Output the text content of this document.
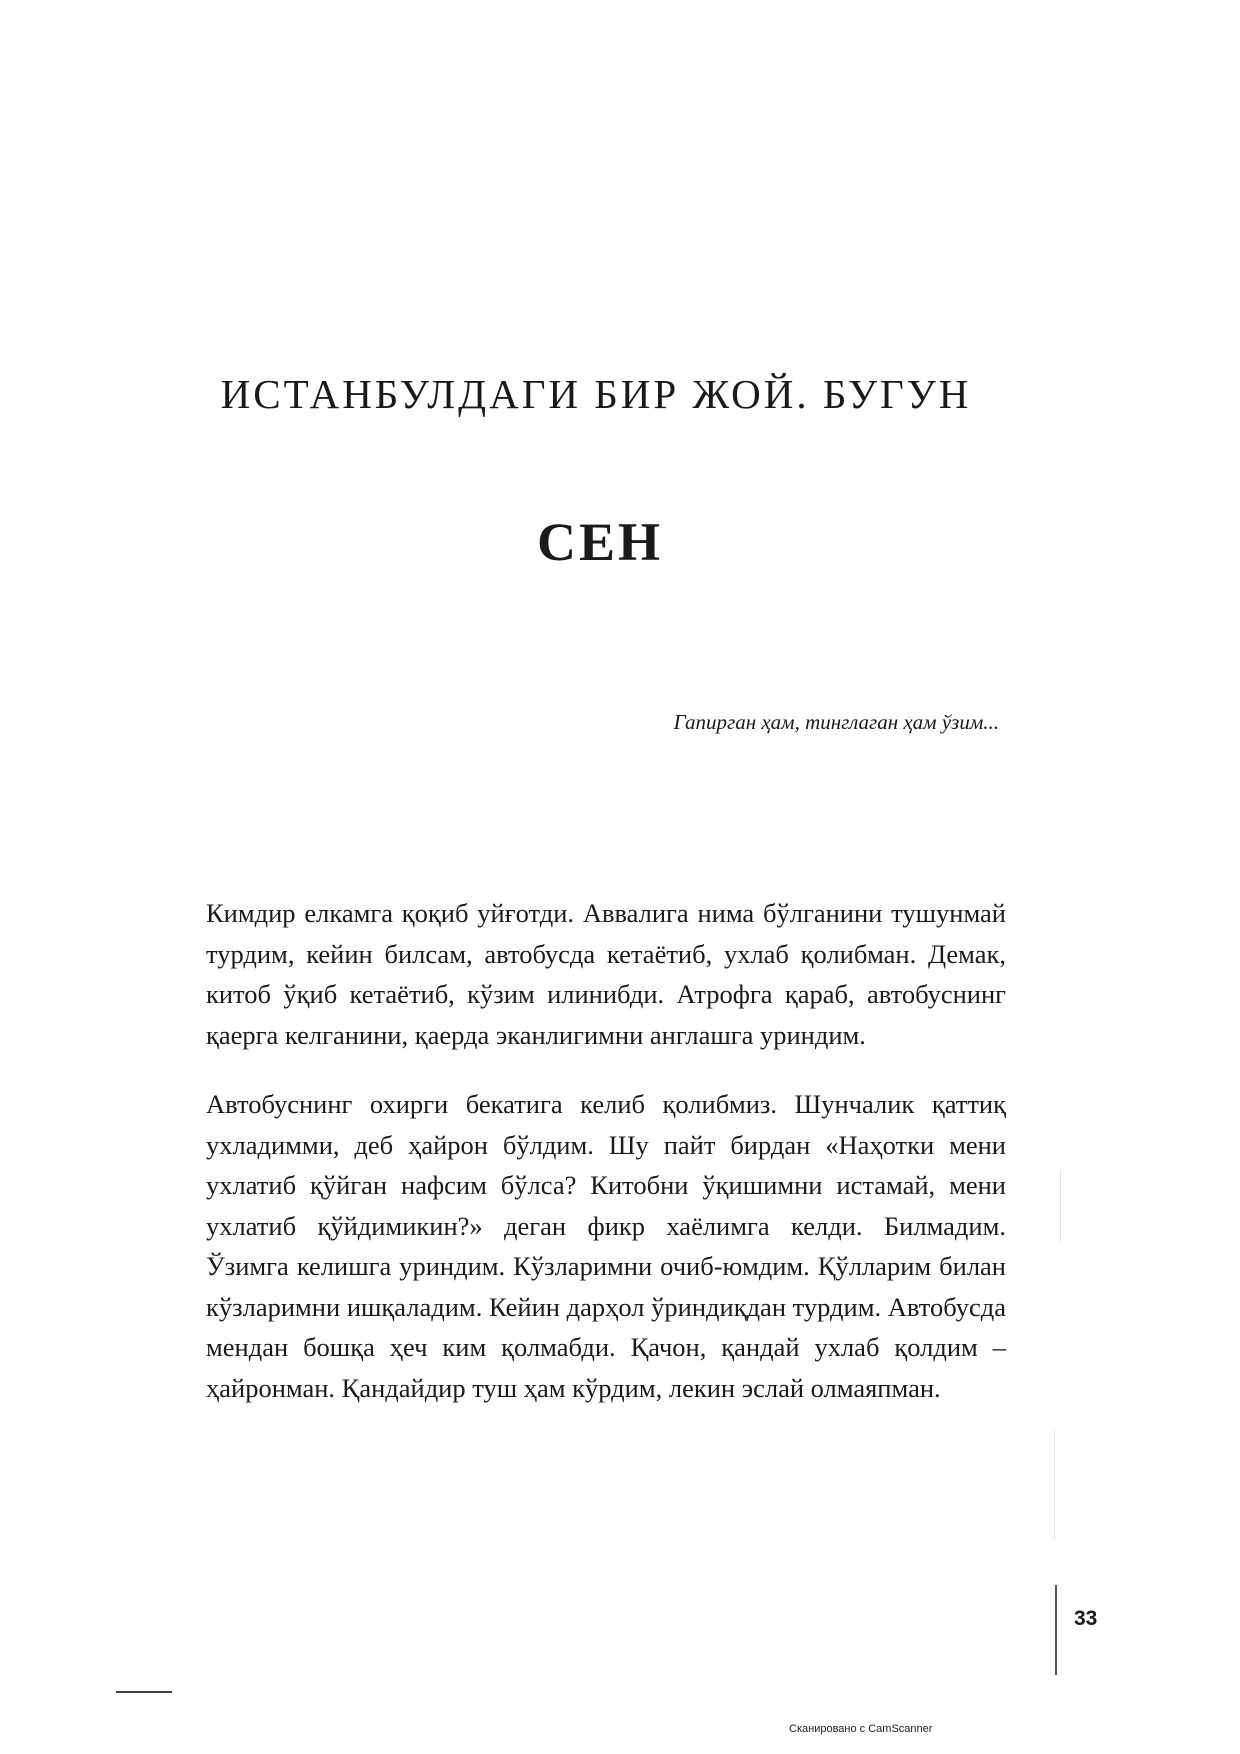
ИСТАНБУЛДАГИ БИР ЖОЙ. БУГУН
СЕН

Гапирган ҳам, тинглаган ҳам ўзим...

Кимдир елкамга қоқиб уйғотди. Аввалига нима бўлганини тушунмай турдим, кейин билсам, автобусда кетаётиб, ухлаб қолибман. Демак, китоб ўқиб кетаётиб, кўзим илинибди. Атрофга қараб, автобуснинг қаерга келганини, қаерда эканлигимни англашга уриндим.

Автобуснинг охирги бекатига келиб қолибмиз. Шунчалик қаттиқ ухладимми, деб ҳайрон бўлдим. Шу пайт бирдан «Наҳотки мени ухлатиб қўйган нафсим бўлса? Китобни ўқишимни истамай, мени ухлатиб қўйдимикин?» деган фикр хаёлимга келди. Билмадим. Ўзимга келишга уриндим. Кўзларимни очиб-юмдим. Қўлларим билан кўзларимни ишқаладим. Кейин дарҳол ўриндиқдан турдим. Автобусда мендан бошқа ҳеч ким қолмабди. Қачон, қандай ухлаб қолдим – ҳайронман. Қандайдир туш ҳам кўрдим, лекин эслай олмаяпман.

33

Сканировано с CamScanner
